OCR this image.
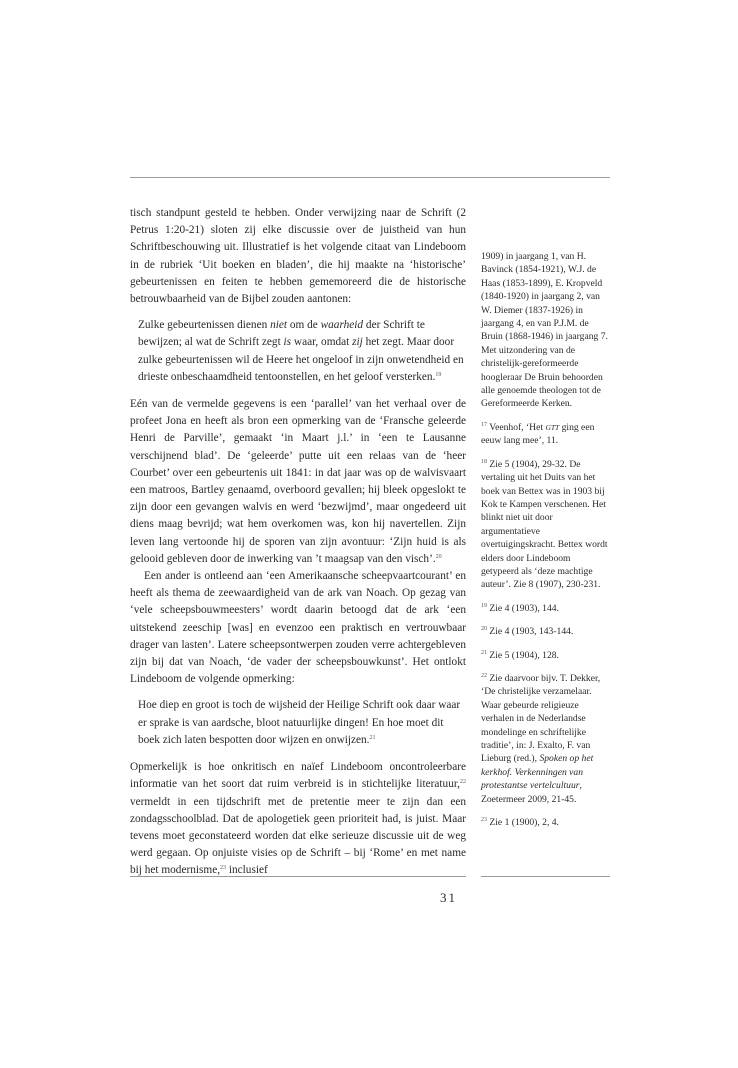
tisch standpunt gesteld te hebben. Onder verwijzing naar de Schrift (2 Petrus 1:20-21) sloten zij elke discussie over de juistheid van hun Schriftbeschouwing uit. Illustratief is het volgende citaat van Lindeboom in de rubriek ‘Uit boeken en bladen’, die hij maakte na ‘historische’ gebeurtenissen en feiten te hebben gememoreerd die de historische betrouwbaarheid van de Bijbel zouden aantonen:

Zulke gebeurtenissen dienen niet om de waarheid der Schrift te bewijzen; al wat de Schrift zegt is waar, omdat zij het zegt. Maar door zulke gebeurtenissen wil de Heere het ongeloof in zijn onwetendheid en drieste onbeschaamdheid tentoonstellen, en het geloof versterken.$^{19}$

Eén van de vermelde gegevens is een ‘parallel’ van het verhaal over de profeet Jona en heeft als bron een opmerking van de ‘Fransche geleerde Henri de Parville’, gemaakt ‘in Maart j.l.’ in ‘een te Lausanne verschijnend blad’. De ‘geleerde’ putte uit een relaas van de ‘heer Courbet’ over een gebeurtenis uit 1841: in dat jaar was op de walvisvaart een matroos, Bartley genaamd, overboord gevallen; hij bleek opgeslokt te zijn door een gevangen walvis en werd ‘bezwijmd’, maar ongedeerd uit diens maag bevrijd; wat hem overkomen was, kon hij navertellen. Zijn leven lang vertoonde hij de sporen van zijn avontuur: ‘Zijn huid is als gelooid gebleven door de inwerking van ’t maagsap van den visch’.$^{20}$

Een ander is ontleend aan ‘een Amerikaansche scheepvaartcourant’ en heeft als thema de zeewaardigheid van de ark van Noach. Op gezag van ‘vele scheepsbouwmeesters’ wordt daarin betoogd dat de ark ‘een uitstekend zeeschip [was] en evenzoo een praktisch en vertrouwbaar drager van lasten’. Latere scheepsontwerpen zouden verre achtergebleven zijn bij dat van Noach, ‘de vader der scheepsbouwkunst’. Het ontlokt Lindeboom de volgende opmerking:

Hoe diep en groot is toch de wijsheid der Heilige Schrift ook daar waar er sprake is van aardsche, bloot natuurlijke dingen! En hoe moet dit boek zich laten bespotten door wijzen en onwijzen.$^{21}$

Opmerkelijk is hoe onkritisch en naïef Lindeboom oncontroleerbare informatie van het soort dat ruim verbreid is in stichtelijke literatuur,$^{22}$ vermeldt in een tijdschrift met de pretentie meer te zijn dan een zondagsschoolblad. Dat de apologetiek geen prioriteit had, is juist. Maar tevens moet geconstateerd worden dat elke serieuze discussie uit de weg werd gegaan. Op onjuiste visies op de Schrift – bij ‘Rome’ en met name bij het modernisme,$^{23}$ inclusief

1909) in jaargang 1, van H. Bavinck (1854-1921), W.J. de Haas (1853-1899), E. Kropveld (1840-1920) in jaargang 2, van W. Diemer (1837-1926) in jaargang 4, en van P.J.M. de Bruin (1868-1946) in jaargang 7. Met uitzondering van de christelijk-gereformeerde hoogleraar De Bruin behoorden alle genoemde theologen tot de Gereformeerde Kerken.
$^{17}$ Veenhof, ‘Het GTT ging een eeuw lang mee’, 11.
$^{18}$ Zie 5 (1904), 29-32. De vertaling uit het Duits van het boek van Bettex was in 1903 bij Kok te Kampen verschenen. Het blinkt niet uit door argumentatieve overtuigingskracht. Bettex wordt elders door Lindeboom getypeerd als ‘deze machtige auteur’. Zie 8 (1907), 230-231.
$^{19}$ Zie 4 (1903), 144.
$^{20}$ Zie 4 (1903, 143-144.
$^{21}$ Zie 5 (1904), 128.
$^{22}$ Zie daarvoor bijv. T. Dekker, ‘De christelijke verzamelaar. Waar gebeurde religieuze verhalen in de Nederlandse mondelinge en schriftelijke traditie’, in: J. Exalto, F. van Lieburg (red.), Spoken op het kerkhof. Verkenningen van protestantse vertelcultuur, Zoetermeer 2009, 21-45.
$^{23}$ Zie 1 (1900), 2, 4.
31
